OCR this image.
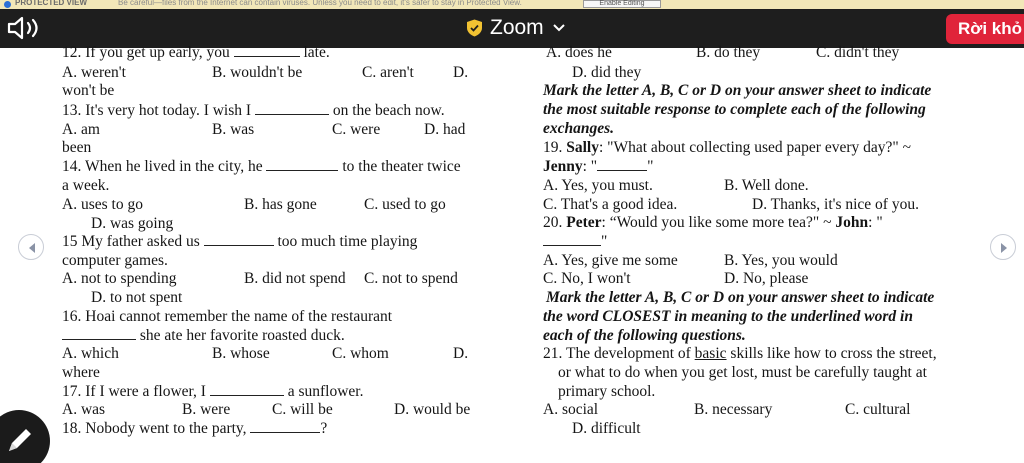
PROTECTED VIEW	Be careful—files from the Internet can contain viruses. Unless you need to edit, it's safer to stay in Protected View.	Enable Editing
Zoom	Rời khỏ
12. If you get up early, you	late.
A. weren't	B. wouldn't be	C. aren't	D.
won't be
13. It's very hot today. I wish I	on the beach now.
A. am	B. was	C. were	D. had
been
14. When he lived in the city, he	to the theater twice
a week.
A. uses to go	B. has gone	C. used to go
D. was going
15 My father asked us	too much time playing
computer games.
A. not to spending	B. did not spend C. not to spend
D. to not spent
16. Hoai cannot remember the name of the restaurant
she ate her favorite roasted duck.
A. which	B. whose	C. whom	D.
where
17. If I were a flower, I	a sunflower.
A. was	B. were	C. will be	D. would be
18. Nobody went to the party,	?
A. does he	B. do they	C. didn't they
D. did they
Mark the letter A, B, C or D on your answer sheet to indicate
the most suitable response to complete each of the following
exchanges.
19. Sally: "What about collecting used paper every day?" ~
Jenny: "	"
A. Yes, you must.	B. Well done.
C. That's a good idea.	D. Thanks, it's nice of you.
20. Peter: “Would you like some more tea?" ~ John: "
"
A. Yes, give me some	B. Yes, you would
C. No, I won't	D. No, please
Mark the letter A, B, C or D on your answer sheet to indicate
the word CLOSEST in meaning to the underlined word in
each of the following questions.
21. The development of basic skills like how to cross the street,
or what to do when you get lost, must be carefully taught at
primary school.
A. social	B. necessary	C. cultural
D. difficult
